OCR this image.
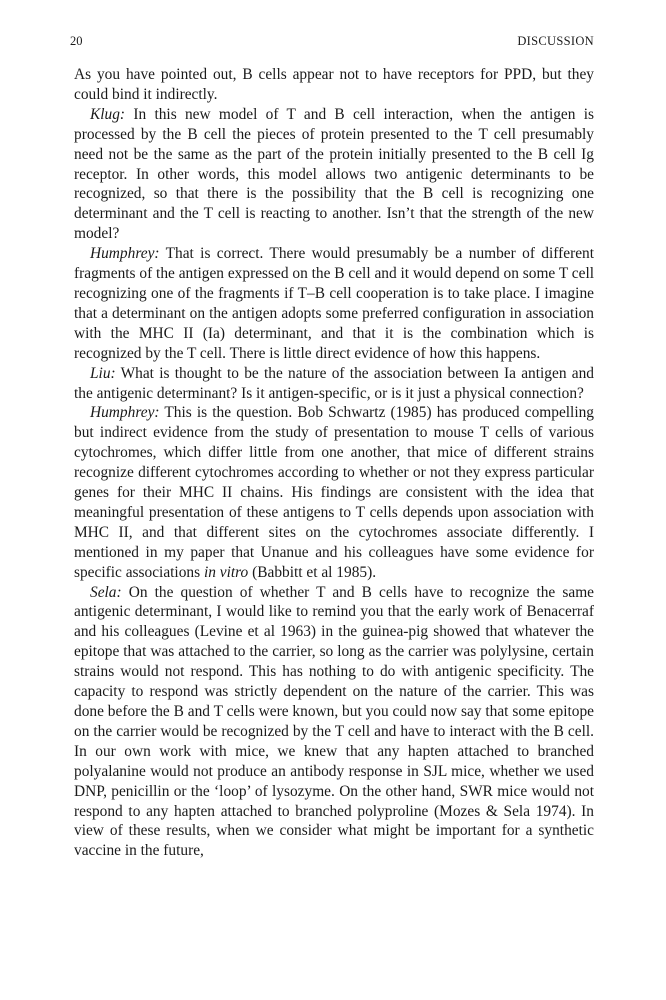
20	DISCUSSION

As you have pointed out, B cells appear not to have receptors for PPD, but they could bind it indirectly.

Klug: In this new model of T and B cell interaction, when the antigen is processed by the B cell the pieces of protein presented to the T cell presumably need not be the same as the part of the protein initially presented to the B cell Ig receptor. In other words, this model allows two antigenic determinants to be recognized, so that there is the possibility that the B cell is recognizing one determinant and the T cell is reacting to another. Isn’t that the strength of the new model?

Humphrey: That is correct. There would presumably be a number of different fragments of the antigen expressed on the B cell and it would depend on some T cell recognizing one of the fragments if T–B cell cooperation is to take place. I imagine that a determinant on the antigen adopts some preferred configuration in association with the MHC II (Ia) determinant, and that it is the combination which is recognized by the T cell. There is little direct evidence of how this happens.

Liu: What is thought to be the nature of the association between Ia antigen and the antigenic determinant? Is it antigen-specific, or is it just a physical connection?

Humphrey: This is the question. Bob Schwartz (1985) has produced compelling but indirect evidence from the study of presentation to mouse T cells of various cytochromes, which differ little from one another, that mice of different strains recognize different cytochromes according to whether or not they express particular genes for their MHC II chains. His findings are consistent with the idea that meaningful presentation of these antigens to T cells depends upon association with MHC II, and that different sites on the cytochromes associate differently. I mentioned in my paper that Unanue and his colleagues have some evidence for specific associations in vitro (Babbitt et al 1985).

Sela: On the question of whether T and B cells have to recognize the same antigenic determinant, I would like to remind you that the early work of Benacerraf and his colleagues (Levine et al 1963) in the guinea-pig showed that whatever the epitope that was attached to the carrier, so long as the carrier was polylysine, certain strains would not respond. This has nothing to do with antigenic specificity. The capacity to respond was strictly dependent on the nature of the carrier. This was done before the B and T cells were known, but you could now say that some epitope on the carrier would be recognized by the T cell and have to interact with the B cell. In our own work with mice, we knew that any hapten attached to branched polyalanine would not produce an antibody response in SJL mice, whether we used DNP, penicillin or the ‘loop’ of lysozyme. On the other hand, SWR mice would not respond to any hapten attached to branched polyproline (Mozes & Sela 1974). In view of these results, when we consider what might be important for a synthetic vaccine in the future,
